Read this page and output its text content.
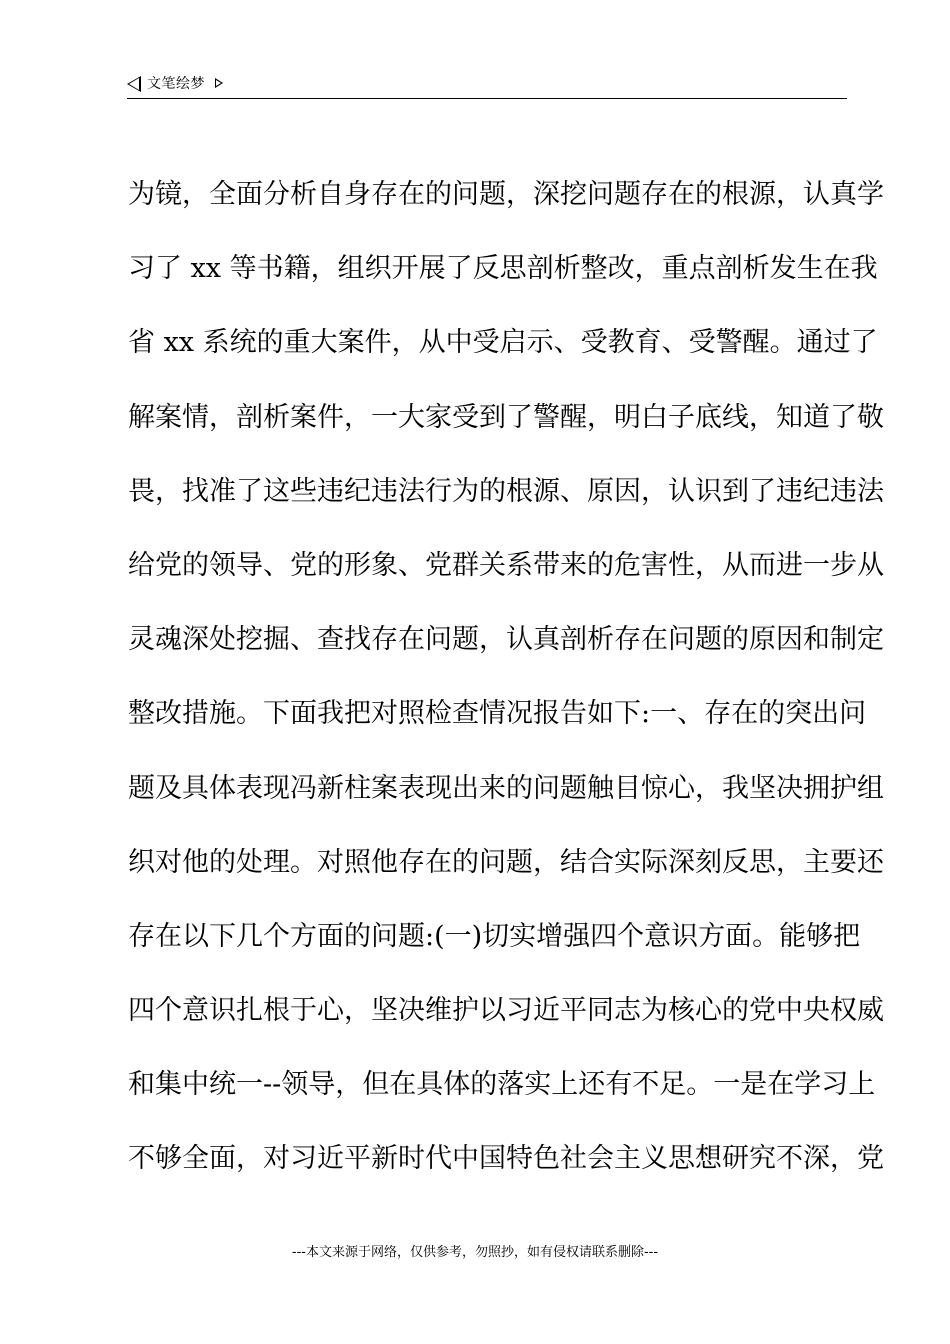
文笔绘梦
为镜，全面分析自身存在的问题，深挖问题存在的根源，认真学
习了 xx 等书籍，组织开展了反思剖析整改，重点剖析发生在我
省 xx 系统的重大案件，从中受启示、受教育、受警醒。通过了
解案情，剖析案件，一大家受到了警醒，明白子底线，知道了敬
畏，找准了这些违纪违法行为的根源、原因，认识到了违纪违法
给党的领导、党的形象、党群关系带来的危害性，从而进一步从
灵魂深处挖掘、查找存在问题，认真剖析存在问题的原因和制定
整改措施。下面我把对照检查情况报告如下:一、存在的突出问
题及具体表现冯新柱案表现出来的问题触目惊心，我坚决拥护组
织对他的处理。对照他存在的问题，结合实际深刻反思，主要还
存在以下几个方面的问题:(一)切实增强四个意识方面。能够把
四个意识扎根于心，坚决维护以习近平同志为核心的党中央权威
和集中统一--领导，但在具体的落实上还有不足。一是在学习上
不够全面，对习近平新时代中国特色社会主义思想研究不深，党
---本文来源于网络，仅供参考，勿照抄，如有侵权请联系删除---
